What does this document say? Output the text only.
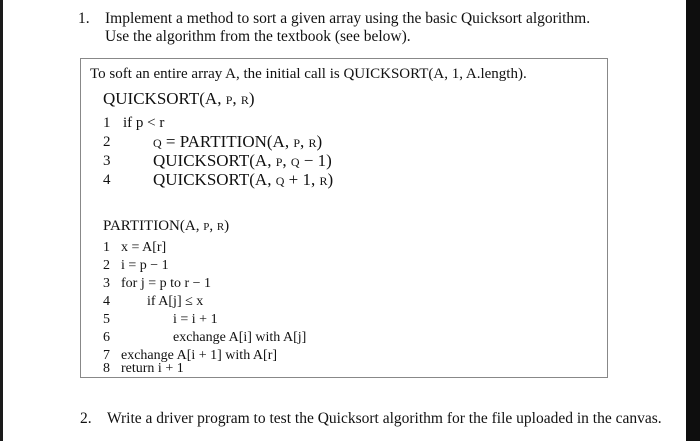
1. Implement a method to sort a given array using the basic Quicksort algorithm. Use the algorithm from the textbook (see below).
To soft an entire array A, the initial call is QUICKSORT(A, 1, A.length).
QUICKSORT(A, p, r)
1 if p < r
2	q = PARTITION(A, p, r)
3	QUICKSORT(A, p, q − 1)
4	QUICKSORT(A, q + 1, r)
PARTITION(A, p, r)
1 x = A[r]
2 i = p − 1
3 for j = p to r − 1
4	if A[j] ≤ x
5	i = i + 1
6	exchange A[i] with A[j]
7 exchange A[i + 1] with A[r]
8 return i + 1
2. Write a driver program to test the Quicksort algorithm for the file uploaded in the canvas.
